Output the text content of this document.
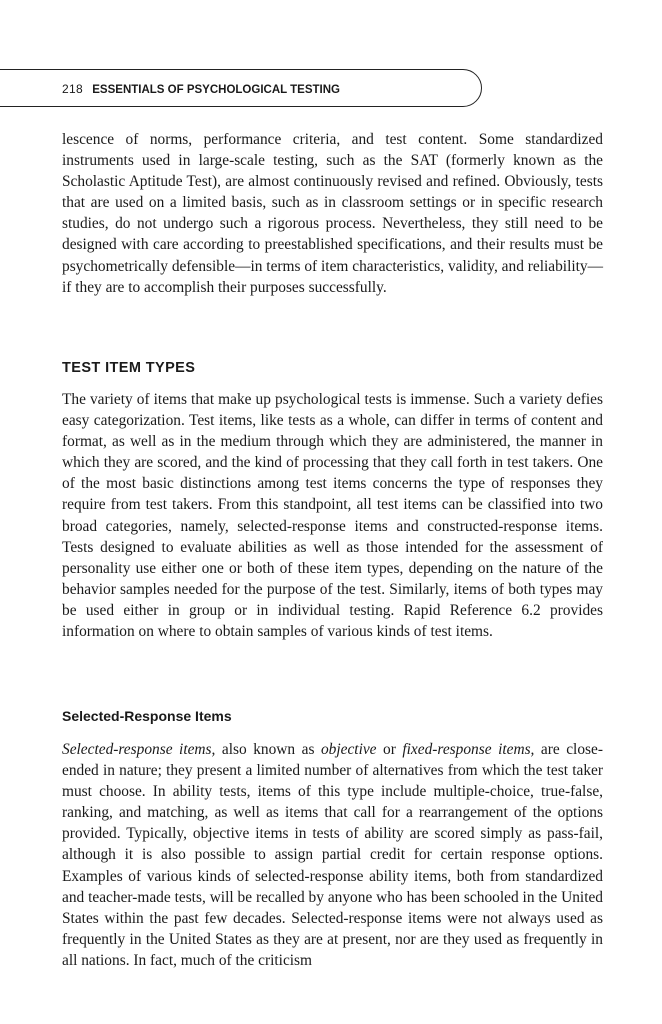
218 ESSENTIALS OF PSYCHOLOGICAL TESTING

lescence of norms, performance criteria, and test content. Some standardized instruments used in large-scale testing, such as the SAT (formerly known as the Scholastic Aptitude Test), are almost continuously revised and refined. Obviously, tests that are used on a limited basis, such as in classroom settings or in specific research studies, do not undergo such a rigorous process. Nevertheless, they still need to be designed with care according to preestablished specifications, and their results must be psychometrically defensible—in terms of item characteristics, validity, and reliability—if they are to accomplish their purposes successfully.

TEST ITEM TYPES

The variety of items that make up psychological tests is immense. Such a variety defies easy categorization. Test items, like tests as a whole, can differ in terms of content and format, as well as in the medium through which they are administered, the manner in which they are scored, and the kind of processing that they call forth in test takers. One of the most basic distinctions among test items concerns the type of responses they require from test takers. From this standpoint, all test items can be classified into two broad categories, namely, selected-response items and constructed-response items. Tests designed to evaluate abilities as well as those intended for the assessment of personality use either one or both of these item types, depending on the nature of the behavior samples needed for the purpose of the test. Similarly, items of both types may be used either in group or in individual testing. Rapid Reference 6.2 provides information on where to obtain samples of various kinds of test items.

Selected-Response Items

Selected-response items, also known as objective or fixed-response items, are close-ended in nature; they present a limited number of alternatives from which the test taker must choose. In ability tests, items of this type include multiple-choice, true-false, ranking, and matching, as well as items that call for a rearrangement of the options provided. Typically, objective items in tests of ability are scored simply as pass-fail, although it is also possible to assign partial credit for certain response options. Examples of various kinds of selected-response ability items, both from standardized and teacher-made tests, will be recalled by anyone who has been schooled in the United States within the past few decades. Selected-response items were not always used as frequently in the United States as they are at present, nor are they used as frequently in all nations. In fact, much of the criticism
